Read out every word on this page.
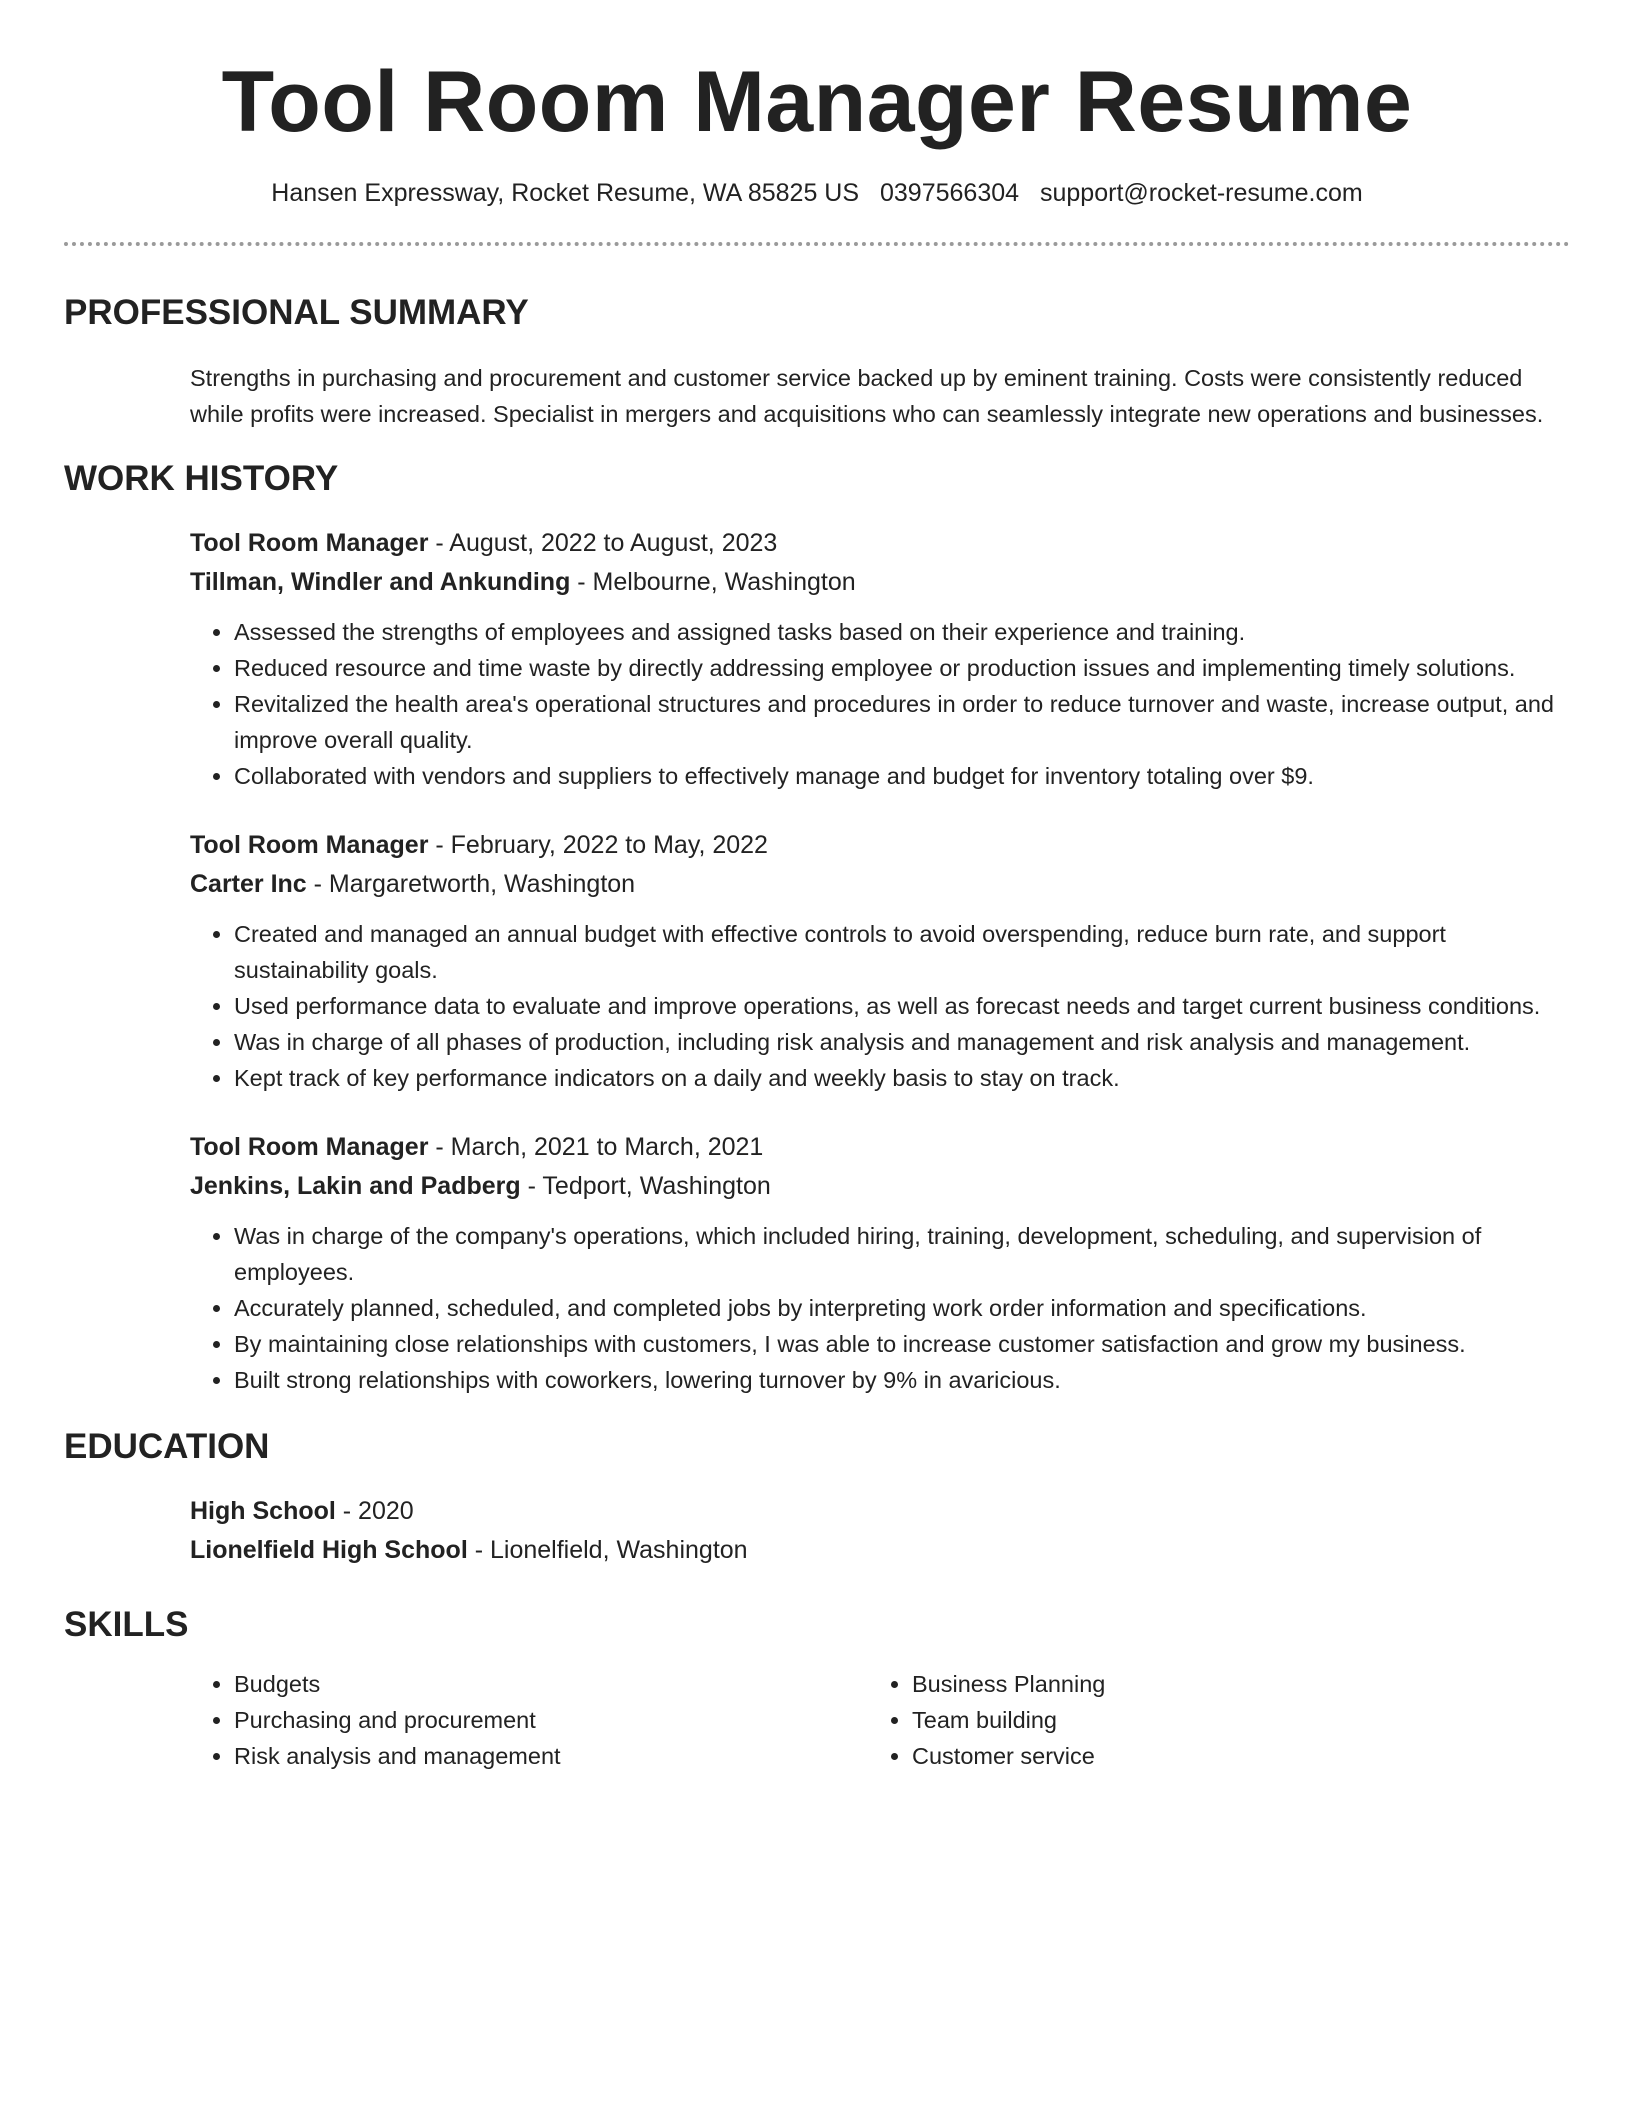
Tool Room Manager Resume
Hansen Expressway, Rocket Resume, WA 85825 US 0397566304 support@rocket-resume.com
PROFESSIONAL SUMMARY

Strengths in purchasing and procurement and customer service backed up by eminent training. Costs were consistently reduced while profits were increased. Specialist in mergers and acquisitions who can seamlessly integrate new operations and businesses.

WORK HISTORY
Tool Room Manager - August, 2022 to August, 2023
Tillman, Windler and Ankunding - Melbourne, Washington
• Assessed the strengths of employees and assigned tasks based on their experience and training.
• Reduced resource and time waste by directly addressing employee or production issues and implementing timely solutions.
• Revitalized the health area's operational structures and procedures in order to reduce turnover and waste, increase output, and improve overall quality.
• Collaborated with vendors and suppliers to effectively manage and budget for inventory totaling over $9.
Tool Room Manager - February, 2022 to May, 2022
Carter Inc - Margaretworth, Washington
• Created and managed an annual budget with effective controls to avoid overspending, reduce burn rate, and support sustainability goals.
• Used performance data to evaluate and improve operations, as well as forecast needs and target current business conditions.
• Was in charge of all phases of production, including risk analysis and management and risk analysis and management.
• Kept track of key performance indicators on a daily and weekly basis to stay on track.
Tool Room Manager - March, 2021 to March, 2021
Jenkins, Lakin and Padberg - Tedport, Washington
• Was in charge of the company's operations, which included hiring, training, development, scheduling, and supervision of employees.
• Accurately planned, scheduled, and completed jobs by interpreting work order information and specifications.
• By maintaining close relationships with customers, I was able to increase customer satisfaction and grow my business.
• Built strong relationships with coworkers, lowering turnover by 9% in avaricious.
EDUCATION
High School - 2020
Lionelfield High School - Lionelfield, Washington
SKILLS
• Budgets
• Purchasing and procurement
• Risk analysis and management
• Business Planning
• Team building
• Customer service
